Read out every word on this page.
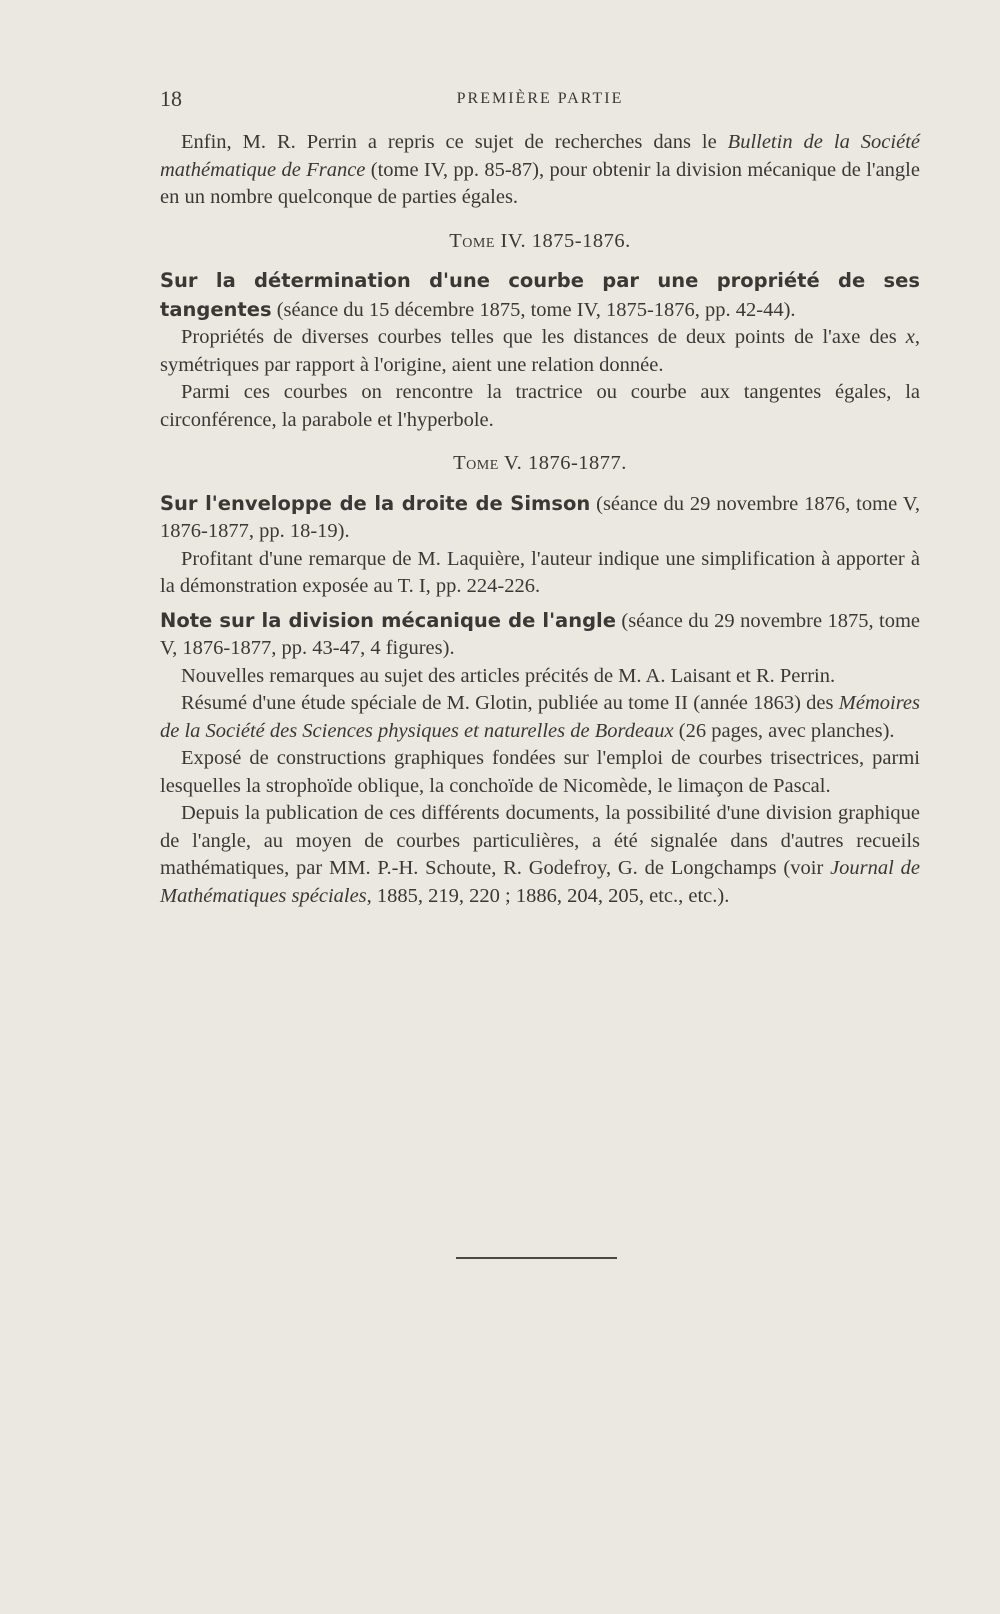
18	PREMIÈRE PARTIE

Enfin, M. R. Perrin a repris ce sujet de recherches dans le Bulletin de la Société mathématique de France (tome IV, pp. 85-87), pour obtenir la division mécanique de l'angle en un nombre quelconque de parties égales.

Tome IV. 1875-1876.

Sur la détermination d'une courbe par une propriété de ses tangentes (séance du 15 décembre 1875, tome IV, 1875-1876, pp. 42-44).

Propriétés de diverses courbes telles que les distances de deux points de l'axe des x, symétriques par rapport à l'origine, aient une relation donnée.

Parmi ces courbes on rencontre la tractrice ou courbe aux tangentes égales, la circonférence, la parabole et l'hyperbole.

Tome V. 1876-1877.

Sur l'enveloppe de la droite de Simson (séance du 29 novembre 1876, tome V, 1876-1877, pp. 18-19).

Profitant d'une remarque de M. Laquière, l'auteur indique une simplification à apporter à la démonstration exposée au T. I, pp. 224-226.

Note sur la division mécanique de l'angle (séance du 29 novembre 1875, tome V, 1876-1877, pp. 43-47, 4 figures).

Nouvelles remarques au sujet des articles précités de M. A. Laisant et R. Perrin.

Résumé d'une étude spéciale de M. Glotin, publiée au tome II (année 1863) des Mémoires de la Société des Sciences physiques et naturelles de Bordeaux (26 pages, avec planches).

Exposé de constructions graphiques fondées sur l'emploi de courbes trisectrices, parmi lesquelles la strophoïde oblique, la conchoïde de Nicomède, le limaçon de Pascal.

Depuis la publication de ces différents documents, la possibilité d'une division graphique de l'angle, au moyen de courbes particulières, a été signalée dans d'autres recueils mathématiques, par MM. P.-H. Schoute, R. Godefroy, G. de Longchamps (voir Journal de Mathématiques spéciales, 1885, 219, 220 ; 1886, 204, 205, etc., etc.).
